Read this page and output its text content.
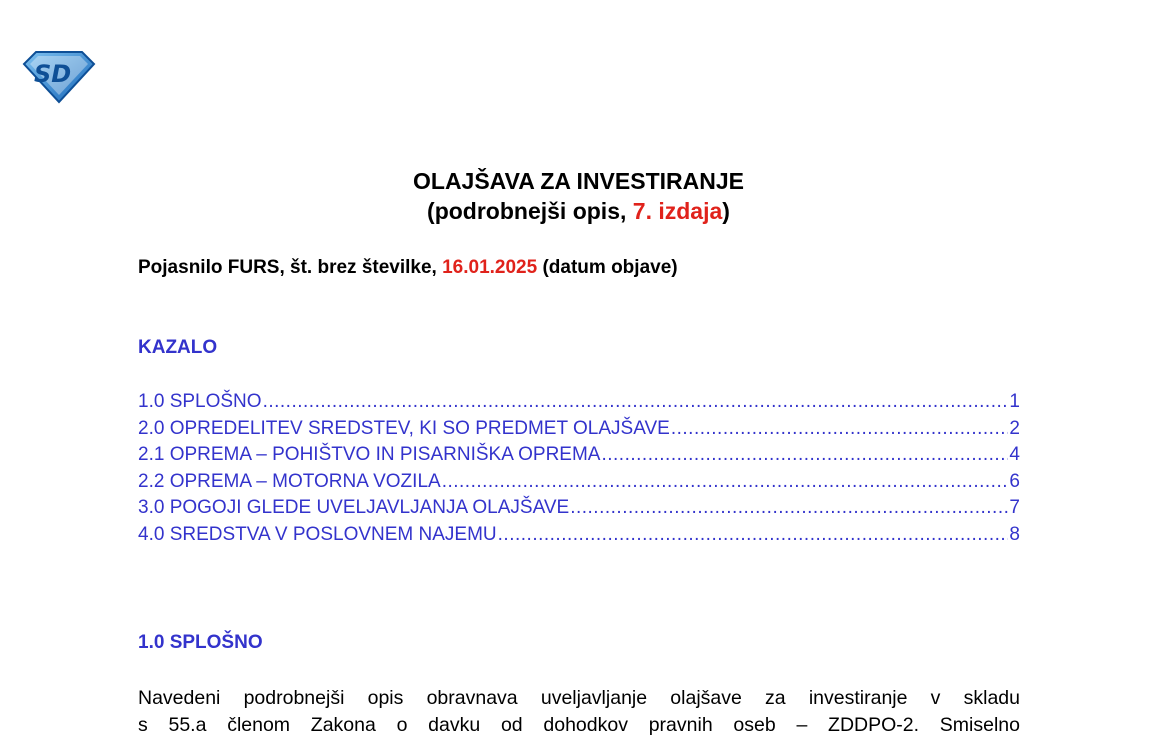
SD
OLAJŠAVA ZA INVESTIRANJE
(podrobnejši opis, 7. izdaja)
Pojasnilo FURS, št. brez številke, 16.01.2025 (datum objave)
KAZALO
1.0 SPLOŠNO .....	1
2.0 OPREDELITEV SREDSTEV, KI SO PREDMET OLAJŠAVE .....	2
2.1 OPREMA – POHIŠTVO IN PISARNIŠKA OPREMA .....	4
2.2 OPREMA – MOTORNA VOZILA .....	6
3.0 POGOJI GLEDE UVELJAVLJANJA OLAJŠAVE .....	7
4.0 SREDSTVA V POSLOVNEM NAJEMU .....	8
1.0 SPLOŠNO

Navedeni podrobnejši opis obravnava uveljavljanje olajšave za investiranje v skladu
s 55.a členom Zakona o davku od dohodkov pravnih oseb – ZDDPO-2. Smiselno
